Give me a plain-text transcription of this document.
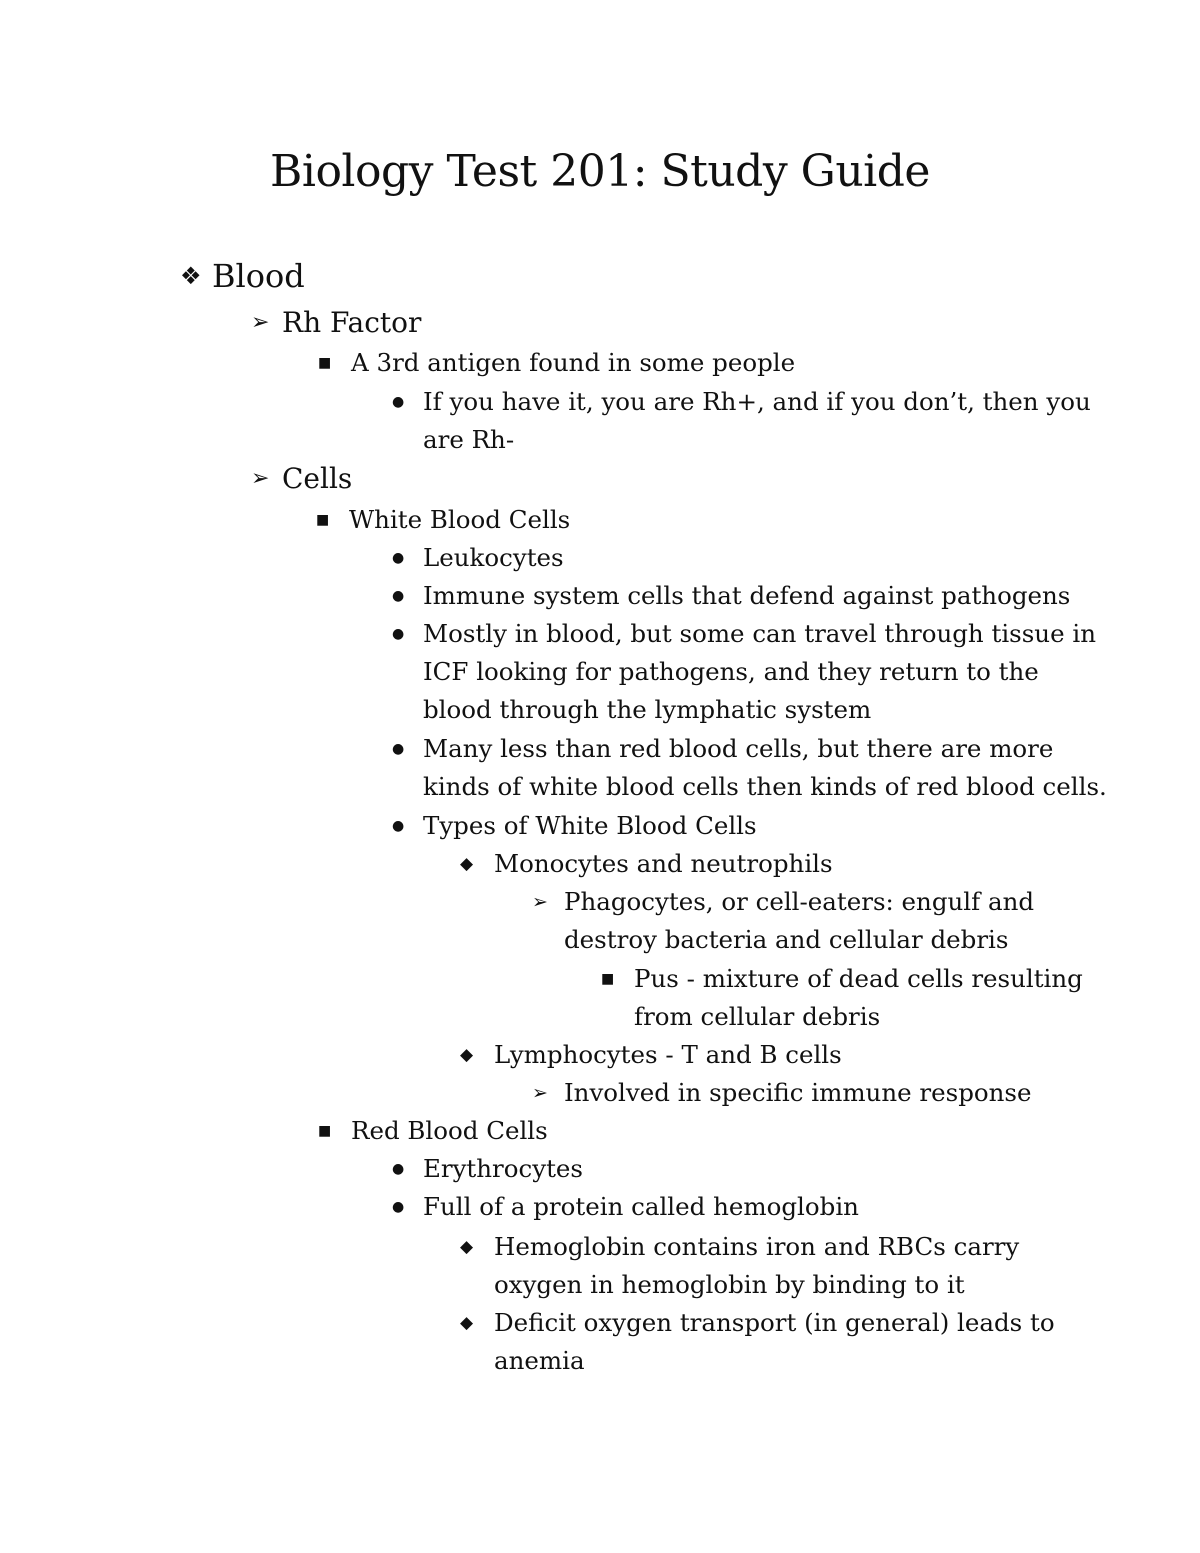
Biology Test 201: Study Guide
❖ Blood
➢ Rh Factor
■ A 3rd antigen found in some people
● If you have it, you are Rh+, and if you don’t, then you
are Rh-
➢ Cells
■ White Blood Cells
● Leukocytes
● Immune system cells that defend against pathogens
● Mostly in blood, but some can travel through tissue in
ICF looking for pathogens, and they return to the
blood through the lymphatic system
● Many less than red blood cells, but there are more
kinds of white blood cells then kinds of red blood cells.
● Types of White Blood Cells
◆ Monocytes and neutrophils
➢ Phagocytes, or cell-eaters: engulf and
destroy bacteria and cellular debris
■ Pus - mixture of dead cells resulting
from cellular debris
◆ Lymphocytes - T and B cells
➢ Involved in specific immune response
■ Red Blood Cells
● Erythrocytes
● Full of a protein called hemoglobin
◆ Hemoglobin contains iron and RBCs carry
oxygen in hemoglobin by binding to it
◆ Deficit oxygen transport (in general) leads to
anemia
